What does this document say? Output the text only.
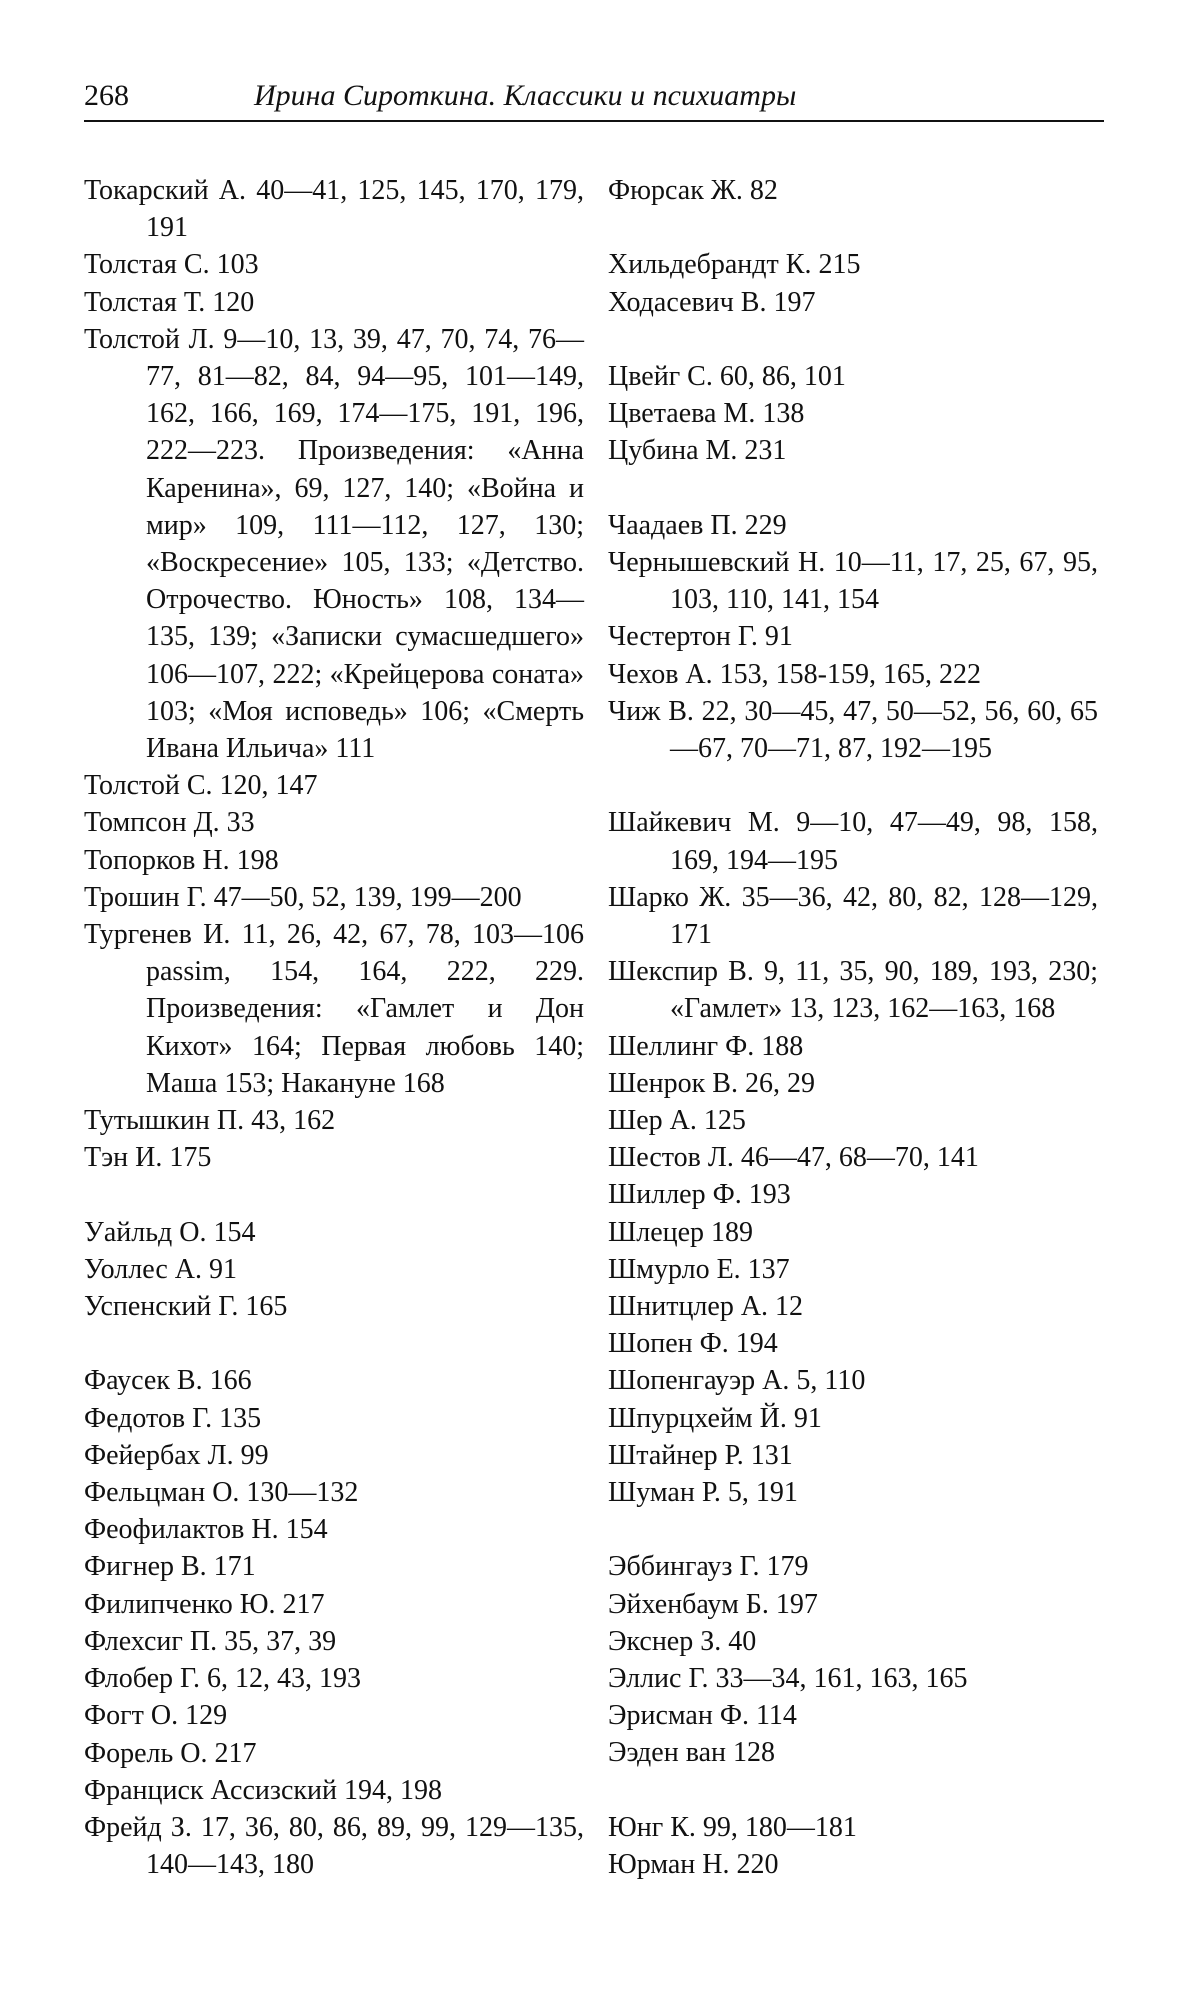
268	Ирина Сироткина. Классики и психиатры
Токарский А. 40—41, 125, 145, 170, 179, 191
Толстая С. 103
Толстая Т. 120
Толстой Л. 9—10, 13, 39, 47, 70, 74, 76—77, 81—82, 84, 94—95, 101—149, 162, 166, 169, 174—175, 191, 196, 222—223. Произведения: «Анна Каренина», 69, 127, 140; «Война и мир» 109, 111—112, 127, 130; «Воскресение» 105, 133; «Детство. Отрочество. Юность» 108, 134—135, 139; «Записки сумасшедшего» 106—107, 222; «Крейцерова соната» 103; «Моя исповедь» 106; «Смерть Ивана Ильича» 111
Толстой С. 120, 147
Томпсон Д. 33
Топорков Н. 198
Трошин Г. 47—50, 52, 139, 199—200
Тургенев И. 11, 26, 42, 67, 78, 103—106 passim, 154, 164, 222, 229. Произведения: «Гамлет и Дон Кихот» 164; Первая любовь 140; Маша 153; Накануне 168
Тутышкин П. 43, 162
Тэн И. 175
Уайльд О. 154
Уоллес А. 91
Успенский Г. 165
Фаусек В. 166
Федотов Г. 135
Фейербах Л. 99
Фельцман О. 130—132
Феофилактов Н. 154
Фигнер В. 171
Филипченко Ю. 217
Флехсиг П. 35, 37, 39
Флобер Г. 6, 12, 43, 193
Фогт О. 129
Форель О. 217
Франциск Ассизский 194, 198
Фрейд З. 17, 36, 80, 86, 89, 99, 129—135, 140—143, 180
Фюрсак Ж. 82
Хильдебрандт К. 215
Ходасевич В. 197
Цвейг С. 60, 86, 101
Цветаева М. 138
Цубина М. 231
Чаадаев П. 229
Чернышевский Н. 10—11, 17, 25, 67, 95, 103, 110, 141, 154
Честертон Г. 91
Чехов А. 153, 158-159, 165, 222
Чиж В. 22, 30—45, 47, 50—52, 56, 60, 65—67, 70—71, 87, 192—195
Шайкевич М. 9—10, 47—49, 98, 158, 169, 194—195
Шарко Ж. 35—36, 42, 80, 82, 128—129, 171
Шекспир В. 9, 11, 35, 90, 189, 193, 230; «Гамлет» 13, 123, 162—163, 168
Шеллинг Ф. 188
Шенрок В. 26, 29
Шер А. 125
Шестов Л. 46—47, 68—70, 141
Шиллер Ф. 193
Шлецер 189
Шмурло Е. 137
Шнитцлер А. 12
Шопен Ф. 194
Шопенгауэр А. 5, 110
Шпурцхейм Й. 91
Штайнер Р. 131
Шуман Р. 5, 191
Эббингауз Г. 179
Эйхенбаум Б. 197
Экснер З. 40
Эллис Г. 33—34, 161, 163, 165
Эрисман Ф. 114
Ээден ван 128
Юнг К. 99, 180—181
Юрман Н. 220
